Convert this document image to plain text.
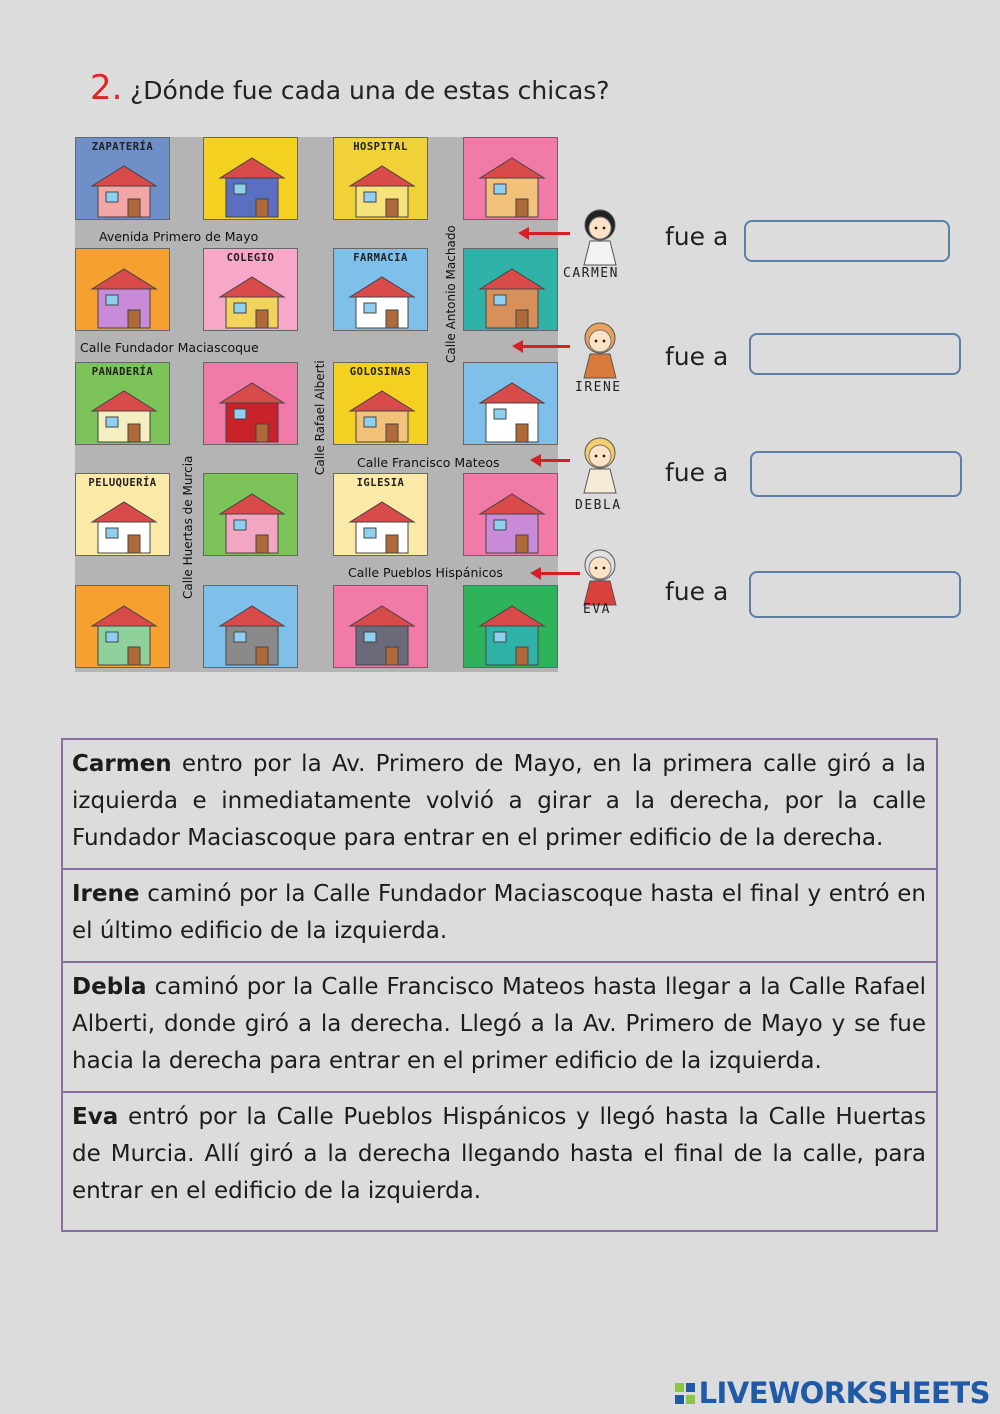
2. ¿Dónde fue cada una de estas chicas?
ZAPATERÍA	HOSPITAL
COLEGIO	FARMACIA
PANADERÍA	GOLOSINAS
PELUQUERÍA	IGLESIA
Avenida Primero de Mayo
Calle Fundador Maciascoque
Calle Francisco Mateos
Calle Pueblos Hispánicos
Calle Huertas de Murcia
Calle Rafael Alberti
Calle Antonio Machado	CARMEN
IRENE
DEBLA
EVA
fue a
fue a
fue a
fue a
Carmen entro por la Av. Primero de Mayo, en la primera calle giró a la izquierda e inmediatamente volvió a girar a la derecha, por la calle Fundador Maciascoque para entrar en el primer edificio de la derecha.
Irene caminó por la Calle Fundador Maciascoque hasta el final y entró en el último edificio de la izquierda.
Debla caminó por la Calle Francisco Mateos hasta llegar a la Calle Rafael Alberti, donde giró a la derecha. Llegó a la Av. Primero de Mayo y se fue hacia la derecha para entrar en el primer edificio de la izquierda.
Eva entró por la Calle Pueblos Hispánicos y llegó hasta la Calle Huertas de Murcia. Allí giró a la derecha llegando hasta el final de la calle, para entrar en el edificio de la izquierda.
LIVEWORKSHEETS
